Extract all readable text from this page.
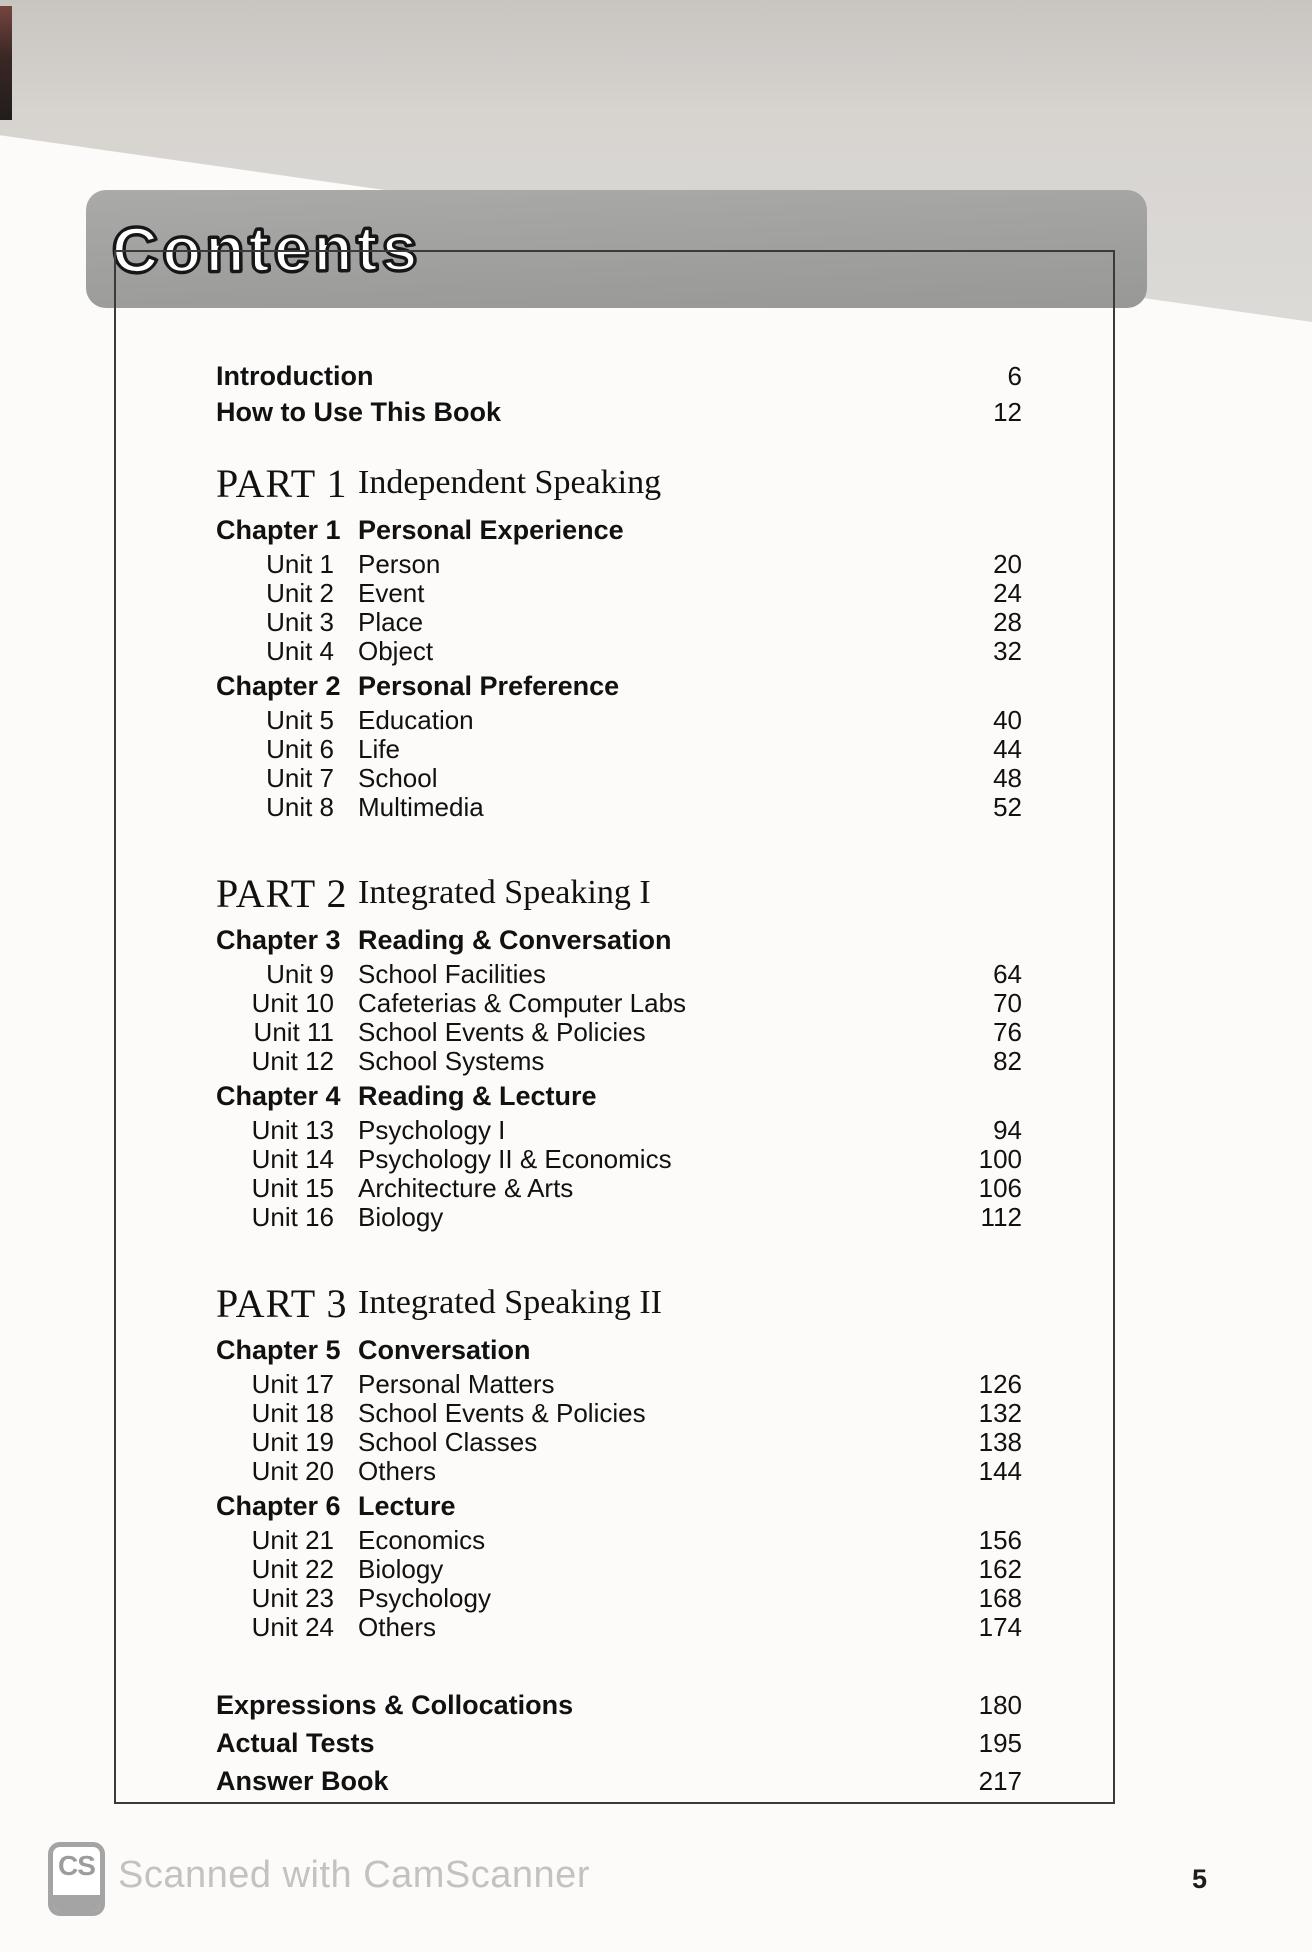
Contents
Introduction	6
How to Use This Book	12
PART 1 Independent Speaking
Chapter 1 Personal Experience
Unit 1 Person	20
Unit 2 Event	24
Unit 3 Place	28
Unit 4 Object	32
Chapter 2 Personal Preference
Unit 5 Education	40
Unit 6 Life	44
Unit 7 School	48
Unit 8 Multimedia	52
PART 2 Integrated Speaking I
Chapter 3 Reading & Conversation
Unit 9 School Facilities	64
Unit 10 Cafeterias & Computer Labs	70
Unit 11 School Events & Policies	76
Unit 12 School Systems	82
Chapter 4 Reading & Lecture
Unit 13 Psychology I	94
Unit 14 Psychology II & Economics	100
Unit 15 Architecture & Arts	106
Unit 16 Biology	112
PART 3 Integrated Speaking II
Chapter 5 Conversation
Unit 17 Personal Matters	126
Unit 18 School Events & Policies	132
Unit 19 School Classes	138
Unit 20 Others	144
Chapter 6 Lecture
Unit 21 Economics	156
Unit 22 Biology	162
Unit 23 Psychology	168
Unit 24 Others	174
Expressions & Collocations	180
Actual Tests	195
Answer Book	217
CS Scanned with CamScanner	5
